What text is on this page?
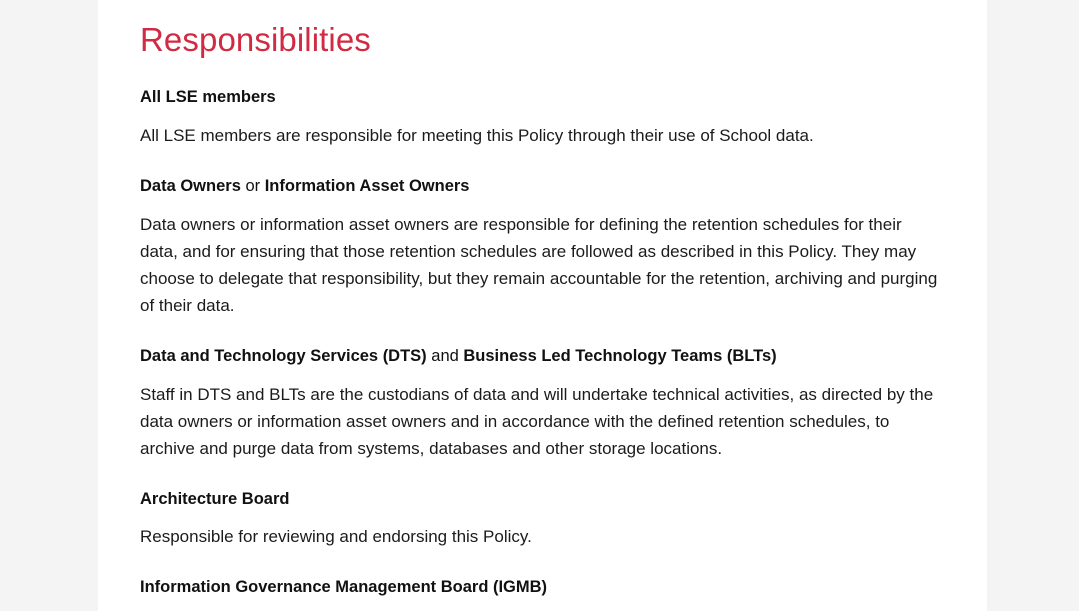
Responsibilities
All LSE members

All LSE members are responsible for meeting this Policy through their use of School data.

Data Owners or Information Asset Owners

Data owners or information asset owners are responsible for defining the retention schedules for their data, and for ensuring that those retention schedules are followed as described in this Policy. They may choose to delegate that responsibility, but they remain accountable for the retention, archiving and purging of their data.

Data and Technology Services (DTS) and Business Led Technology Teams (BLTs)

Staff in DTS and BLTs are the custodians of data and will undertake technical activities, as directed by the data owners or information asset owners and in accordance with the defined retention schedules, to archive and purge data from systems, databases and other storage locations.

Architecture Board

Responsible for reviewing and endorsing this Policy.

Information Governance Management Board (IGMB)
